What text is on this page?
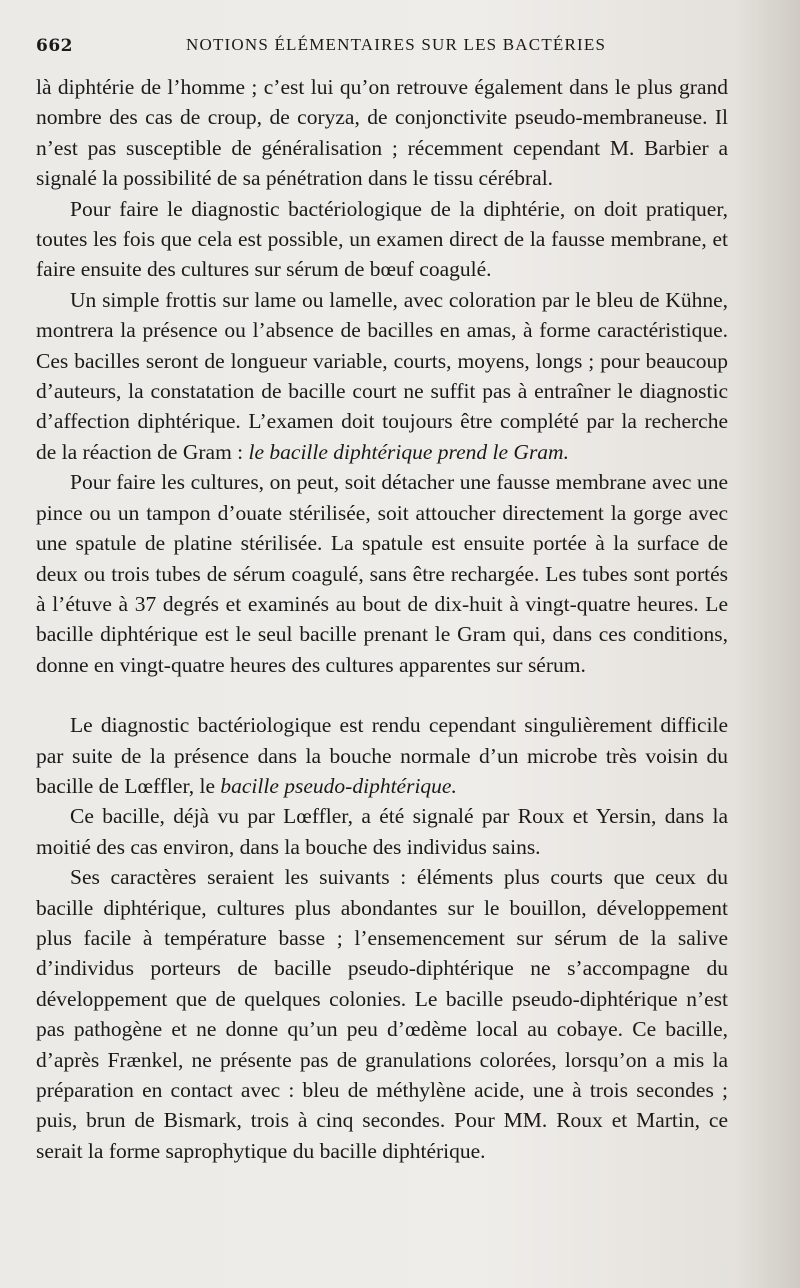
662	NOTIONS ÉLÉMENTAIRES SUR LES BACTÉRIES

là diphtérie de l’homme ; c’est lui qu’on retrouve également dans le plus grand nombre des cas de croup, de coryza, de conjonctivite pseudo-membraneuse. Il n’est pas susceptible de généralisation ; récemment cependant M. Barbier a signalé la possibilité de sa pénétration dans le tissu cérébral.

Pour faire le diagnostic bactériologique de la diphtérie, on doit pratiquer, toutes les fois que cela est possible, un examen direct de la fausse membrane, et faire ensuite des cultures sur sérum de bœuf coagulé.

Un simple frottis sur lame ou lamelle, avec coloration par le bleu de Kühne, montrera la présence ou l’absence de bacilles en amas, à forme caractéristique. Ces bacilles seront de longueur variable, courts, moyens, longs ; pour beaucoup d’auteurs, la constatation de bacille court ne suffit pas à entraîner le diagnostic d’affection diphtérique. L’examen doit toujours être complété par la recherche de la réaction de Gram : le bacille diphtérique prend le Gram.

Pour faire les cultures, on peut, soit détacher une fausse membrane avec une pince ou un tampon d’ouate stérilisée, soit attoucher directement la gorge avec une spatule de platine stérilisée. La spatule est ensuite portée à la surface de deux ou trois tubes de sérum coagulé, sans être rechargée. Les tubes sont portés à l’étuve à 37 degrés et examinés au bout de dix-huit à vingt-quatre heures. Le bacille diphtérique est le seul bacille prenant le Gram qui, dans ces conditions, donne en vingt-quatre heures des cultures apparentes sur sérum.

Le diagnostic bactériologique est rendu cependant singulièrement difficile par suite de la présence dans la bouche normale d’un microbe très voisin du bacille de Lœffler, le bacille pseudo-diphtérique.

Ce bacille, déjà vu par Lœffler, a été signalé par Roux et Yersin, dans la moitié des cas environ, dans la bouche des individus sains.

Ses caractères seraient les suivants : éléments plus courts que ceux du bacille diphtérique, cultures plus abondantes sur le bouillon, développement plus facile à température basse ; l’ensemencement sur sérum de la salive d’individus porteurs de bacille pseudo-diphtérique ne s’accompagne du développement que de quelques colonies. Le bacille pseudo-diphtérique n’est pas pathogène et ne donne qu’un peu d’œdème local au cobaye. Ce bacille, d’après Frænkel, ne présente pas de granulations colorées, lorsqu’on a mis la préparation en contact avec : bleu de méthylène acide, une à trois secondes ; puis, brun de Bismark, trois à cinq secondes. Pour MM. Roux et Martin, ce serait la forme saprophytique du bacille diphtérique.
